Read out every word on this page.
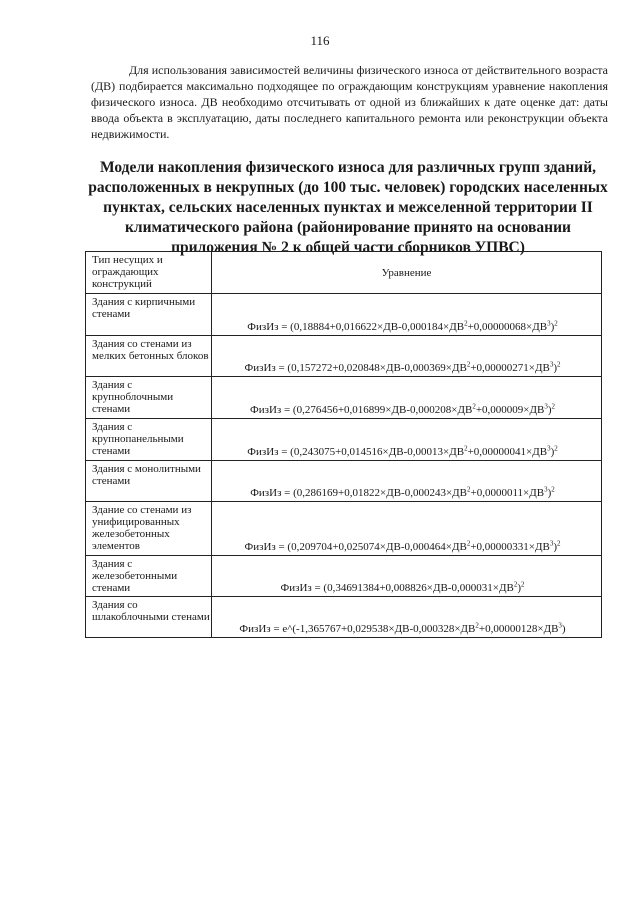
116

Для использования зависимостей величины физического износа от действительного возраста (ДВ) подбирается максимально подходящее по ограждающим конструкциям уравнение накопления физического износа. ДВ необходимо отсчитывать от одной из ближайших к дате оценке дат: даты ввода объекта в эксплуатацию, даты последнего капитального ремонта или реконструкции объекта недвижимости.

Модели накопления физического износа для различных групп зданий, расположенных в некрупных (до 100 тыс. человек) городских населенных пунктах, сельских населенных пунктах и межселенной территории II климатического района (районирование принято на основании приложения № 2 к общей части сборников УПВС)

Тип несущих и ограждающих конструкций	Уравнение
Здания с кирпичными стенами	ФизИз = $(0,18884+0,016622\times ДВ-0,000184\times ДВ^2+0,00000068\times ДВ^3)^2$
Здания со стенами из мелких бетонных блоков	ФизИз = $(0,157272+0,020848\times ДВ-0,000369\times ДВ^2+0,00000271\times ДВ^3)^2$
Здания с крупноблочными стенами	ФизИз = $(0,276456+0,016899\times ДВ-0,000208\times ДВ^2+0,000009\times ДВ^3)^2$
Здания с крупнопанельными стенами	ФизИз = $(0,243075+0,014516\times ДВ-0,00013\times ДВ^2+0,00000041\times ДВ^3)^2$
Здания с монолитными стенами	ФизИз = $(0,286169+0,01822\times ДВ-0,000243\times ДВ^2+0,0000011\times ДВ^3)^2$
Здание со стенами из унифицированных железобетонных элементов	ФизИз = $(0,209704+0,025074\times ДВ-0,000464\times ДВ^2+0,00000331\times ДВ^3)^2$
Здания с железобетонными стенами	ФизИз = $(0,34691384+0,008826\times ДВ-0,000031\times ДВ^2)^2$
Здания со шлакоблочными стенами	ФизИз = $e\^{}(-1,365767+0,029538\times ДВ-0,000328\times ДВ^2+0,00000128\times ДВ^3)$
